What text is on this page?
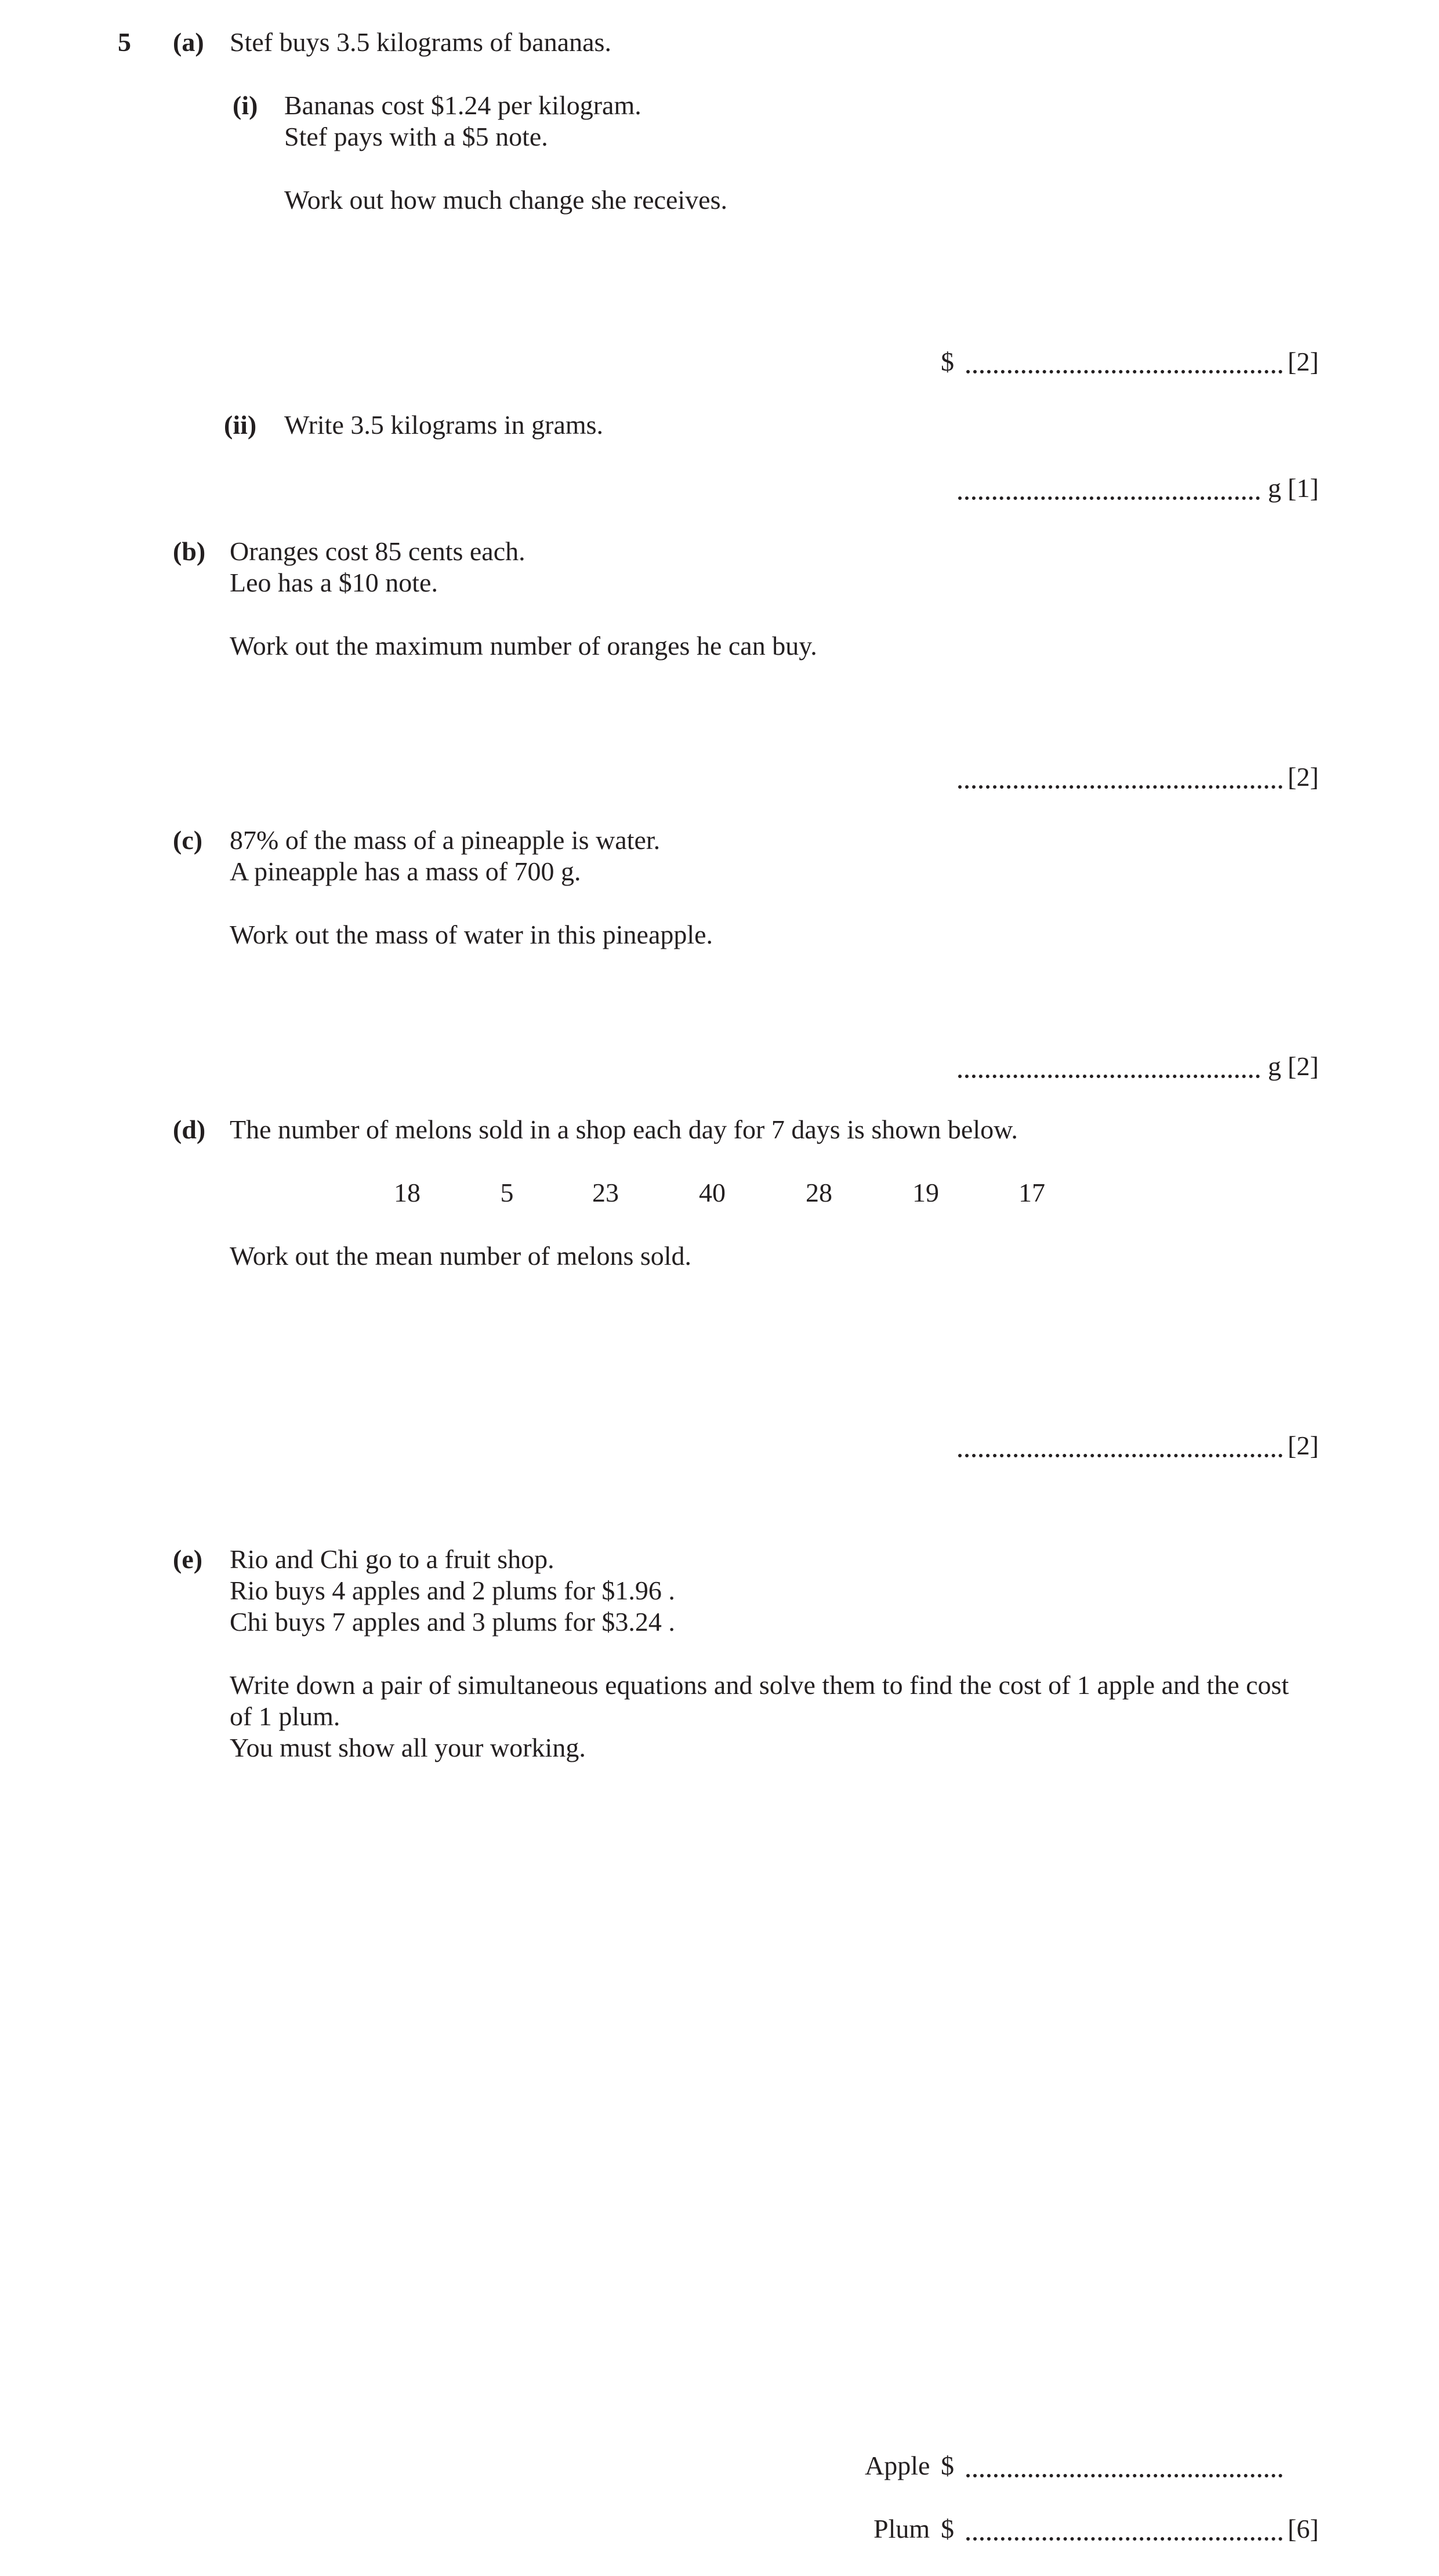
5 (a) Stef buys 3.5 kilograms of bananas.
(i) Bananas cost $1.24 per kilogram.
Stef pays with a $5 note.
Work out how much change she receives.
$	[2]
(ii) Write 3.5 kilograms in grams.
g [1]
(b) Oranges cost 85 cents each.
Leo has a $10 note.
Work out the maximum number of oranges he can buy.
[2]
(c) 87% of the mass of a pineapple is water.
A pineapple has a mass of 700 g.
Work out the mass of water in this pineapple.
g [2]
(d) The number of melons sold in a shop each day for 7 days is shown below.
18	5	23	40	28	19	17
Work out the mean number of melons sold.
[2]
(e) Rio and Chi go to a fruit shop.
Rio buys 4 apples and 2 plums for $1.96 .
Chi buys 7 apples and 3 plums for $3.24 .
Write down a pair of simultaneous equations and solve them to find the cost of 1 apple and the cost
of 1 plum.
You must show all your working.
Apple $
Plum $	[6]
